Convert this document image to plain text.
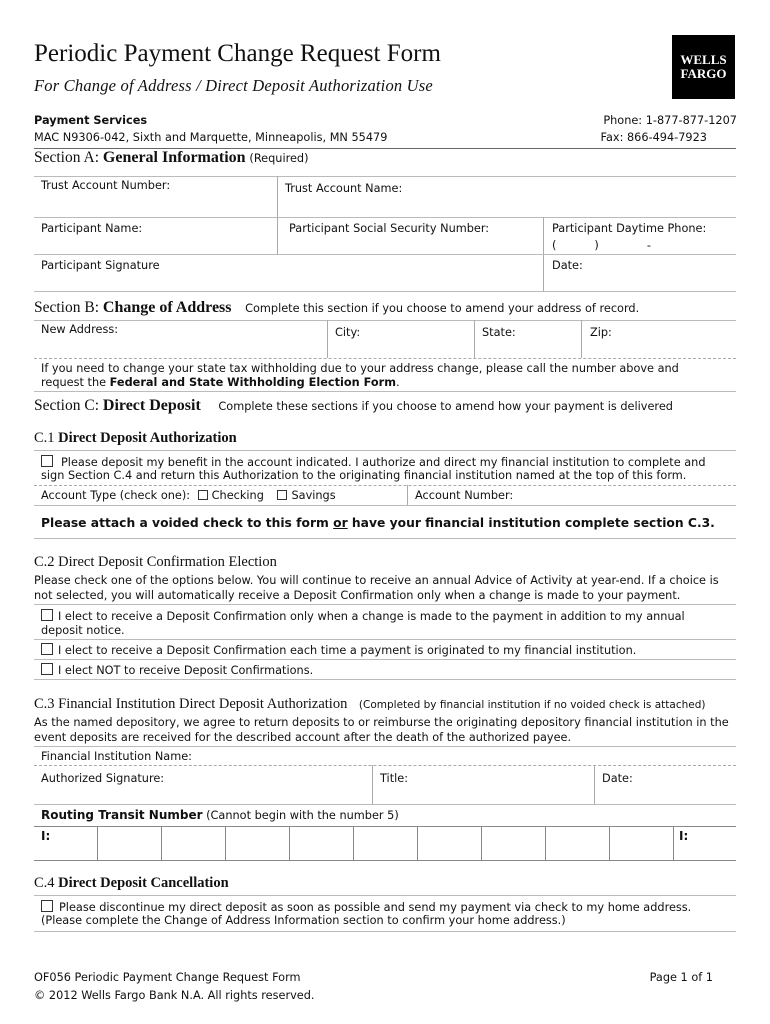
Periodic Payment Change Request Form
For Change of Address / Direct Deposit Authorization Use
WELLS
FARGO
Payment Services
MAC N9306-042, Sixth and Marquette, Minneapolis, MN 55479
Phone: 1-877-877-1207
Fax: 866-494-7923
Section A: General Information (Required)
Trust Account Number:	Trust Account Name:
Participant Name:	Participant Social Security Number:	Participant Daytime Phone:
(	)	-
Participant Signature	Date:
Section B: Change of Address Complete this section if you choose to amend your address of record.
New Address:	City:	State:	Zip:
If you need to change your state tax withholding due to your address change, please call the number above and
request the Federal and State Withholding Election Form.
Section C: Direct Deposit Complete these sections if you choose to amend how your payment is delivered
C.1 Direct Deposit Authorization
Please deposit my benefit in the account indicated. I authorize and direct my financial institution to complete and
sign Section C.4 and return this Authorization to the originating financial institution named at the top of this form.
Account Type (check one): Checking Savings	Account Number:
Please attach a voided check to this form or have your financial institution complete section C.3.
C.2 Direct Deposit Confirmation Election
Please check one of the options below. You will continue to receive an annual Advice of Activity at year-end. If a choice is
not selected, you will automatically receive a Deposit Confirmation only when a change is made to your payment.
I elect to receive a Deposit Confirmation only when a change is made to the payment in addition to my annual
deposit notice.
I elect to receive a Deposit Confirmation each time a payment is originated to my financial institution.
I elect NOT to receive Deposit Confirmations.
C.3 Financial Institution Direct Deposit Authorization (Completed by financial institution if no voided check is attached)
As the named depository, we agree to return deposits to or reimburse the originating depository financial institution in the
event deposits are received for the described account after the death of the authorized payee.
Financial Institution Name:
Authorized Signature:	Title:	Date:
Routing Transit Number (Cannot begin with the number 5)
I:	I:
C.4 Direct Deposit Cancellation
Please discontinue my direct deposit as soon as possible and send my payment via check to my home address.
(Please complete the Change of Address Information section to confirm your home address.)
OF056 Periodic Payment Change Request Form
© 2012 Wells Fargo Bank N.A. All rights reserved.
Page 1 of 1
